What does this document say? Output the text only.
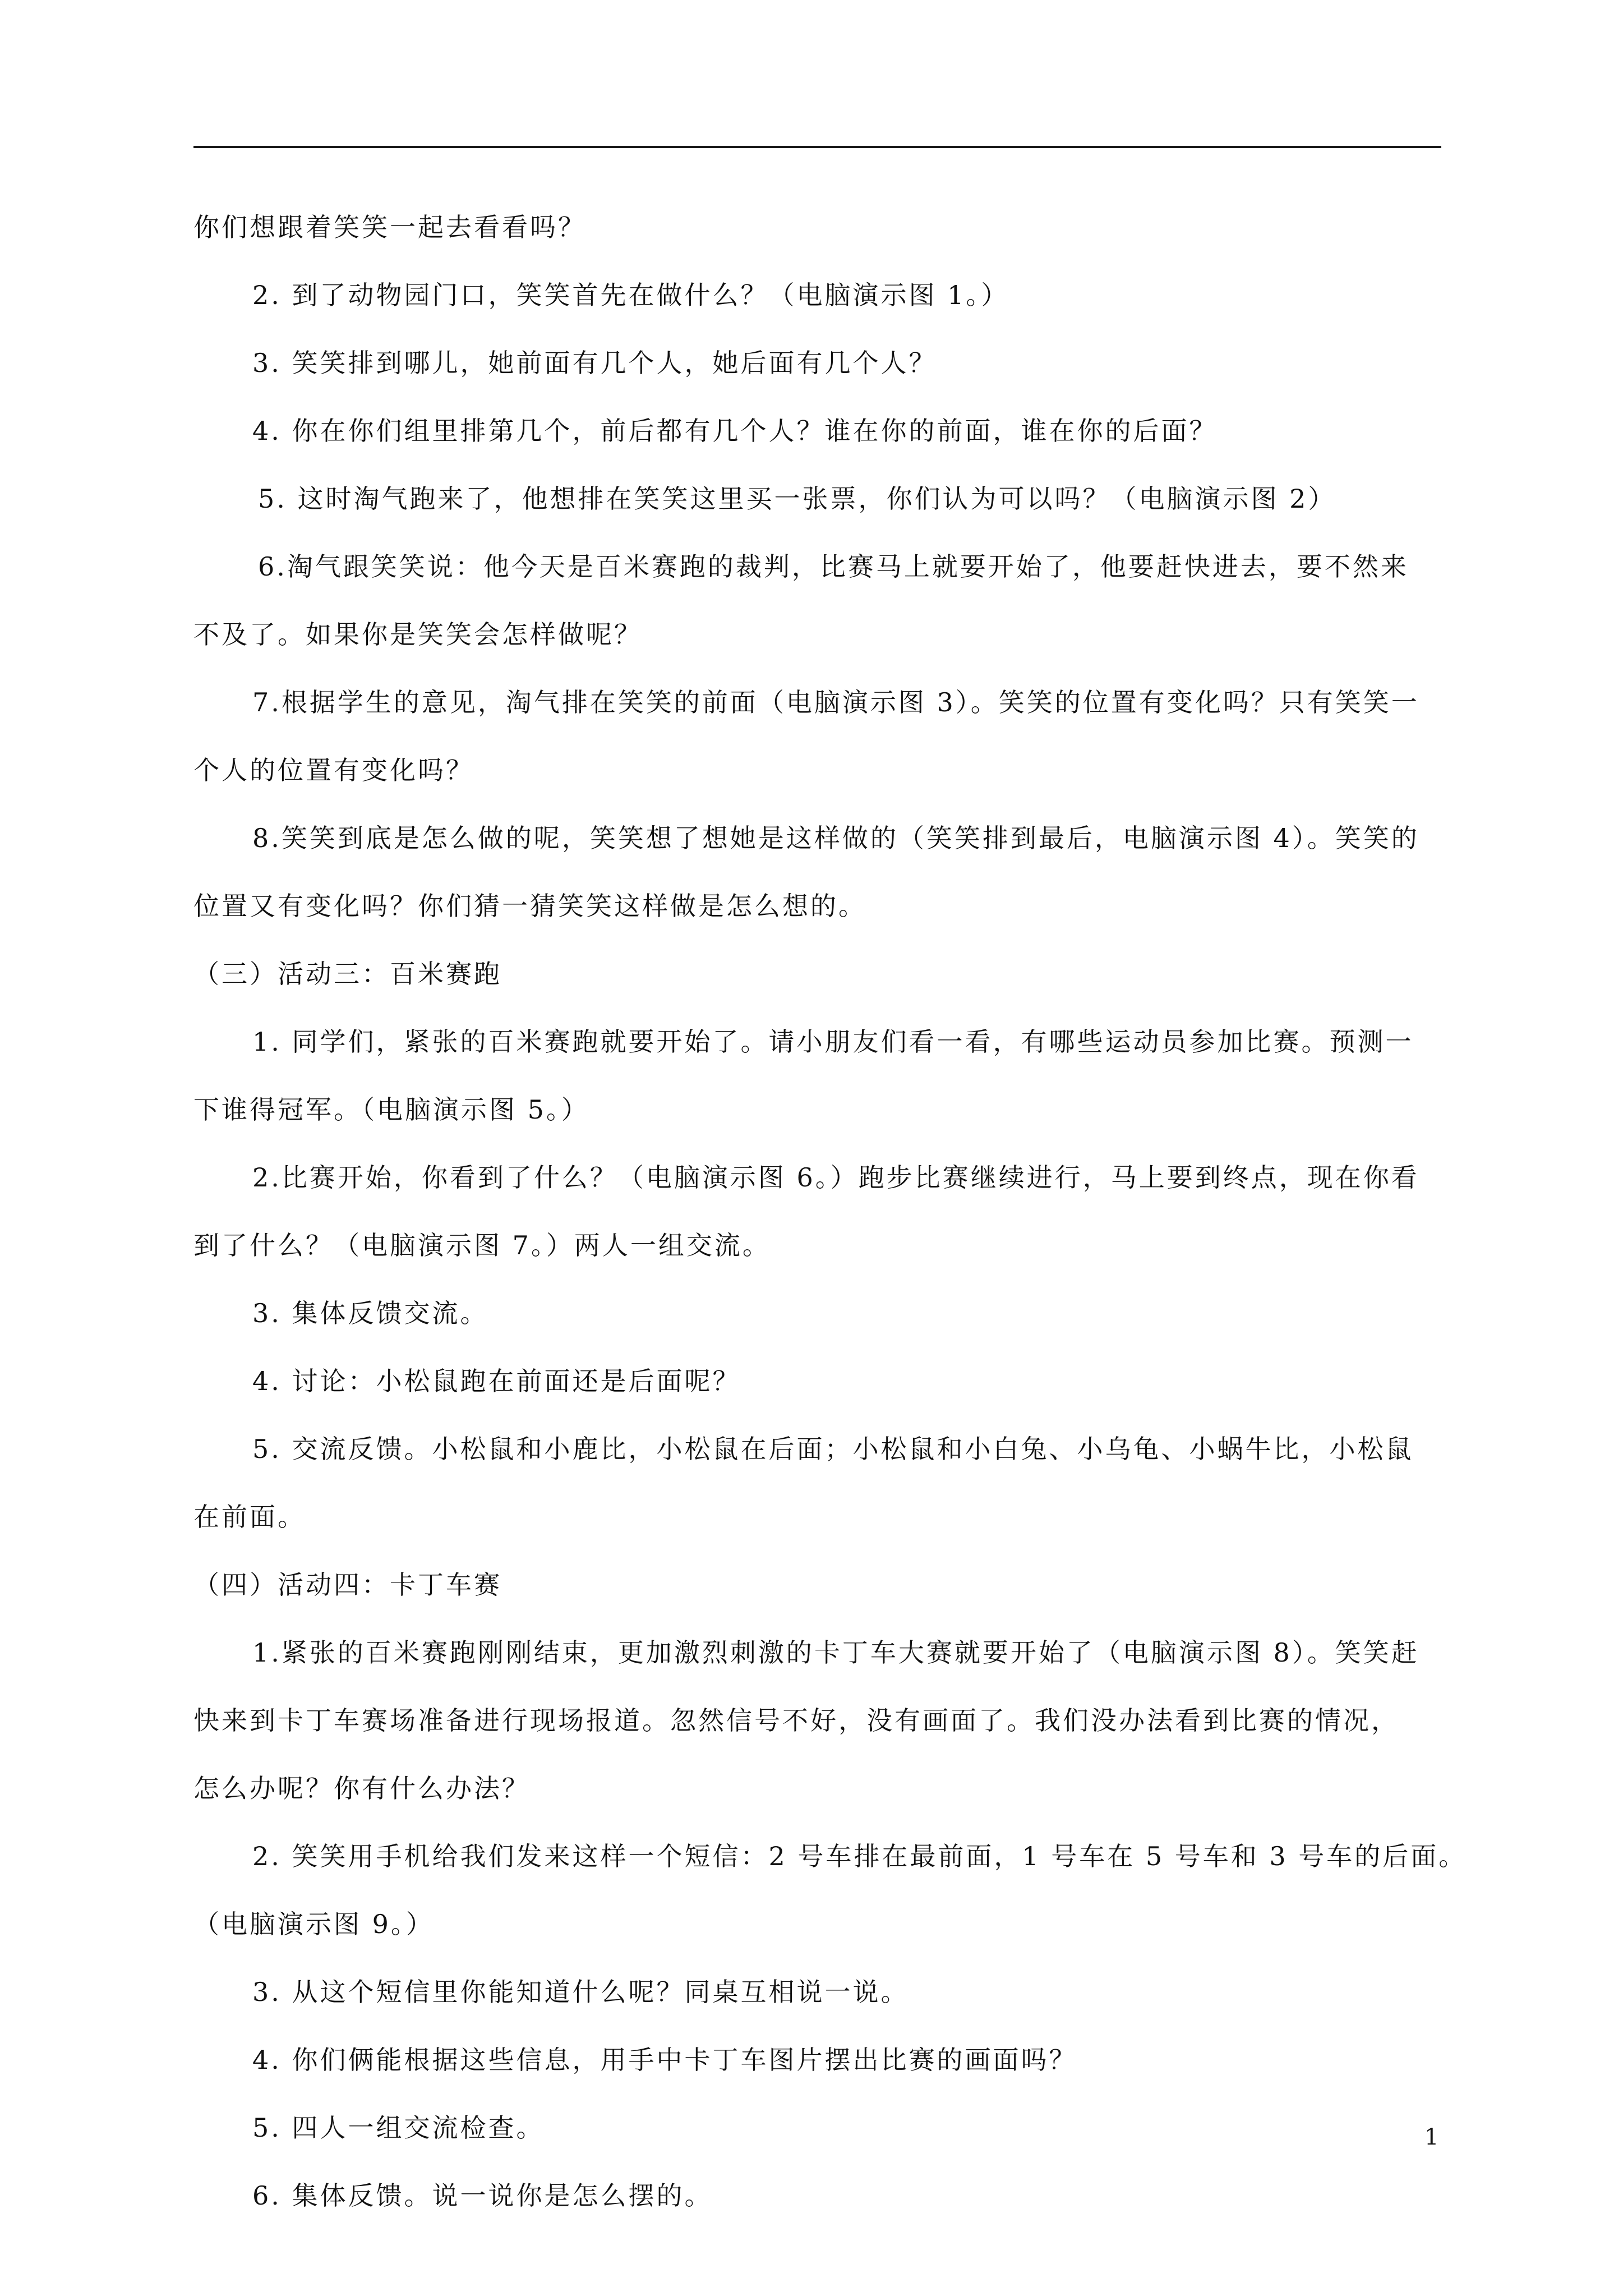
你们想跟着笑笑一起去看看吗？
2. 到了动物园门口，笑笑首先在做什么？（电脑演示图 1。）
3. 笑笑排到哪儿，她前面有几个人，她后面有几个人？
4. 你在你们组里排第几个，前后都有几个人？谁在你的前面，谁在你的后面？
5. 这时淘气跑来了，他想排在笑笑这里买一张票，你们认为可以吗？（电脑演示图 2）
6.淘气跟笑笑说：他今天是百米赛跑的裁判，比赛马上就要开始了，他要赶快进去，要不然来
不及了。如果你是笑笑会怎样做呢？
7.根据学生的意见，淘气排在笑笑的前面（电脑演示图 3）。笑笑的位置有变化吗？只有笑笑一
个人的位置有变化吗？
8.笑笑到底是怎么做的呢，笑笑想了想她是这样做的（笑笑排到最后，电脑演示图 4）。笑笑的
位置又有变化吗？你们猜一猜笑笑这样做是怎么想的。
（三）活动三：百米赛跑
1. 同学们，紧张的百米赛跑就要开始了。请小朋友们看一看，有哪些运动员参加比赛。预测一
下谁得冠军。（电脑演示图 5。）
2.比赛开始，你看到了什么？（电脑演示图 6。）跑步比赛继续进行，马上要到终点，现在你看
到了什么？（电脑演示图 7。）两人一组交流。
3. 集体反馈交流。
4. 讨论：小松鼠跑在前面还是后面呢？
5. 交流反馈。小松鼠和小鹿比，小松鼠在后面；小松鼠和小白兔、小乌龟、小蜗牛比，小松鼠
在前面。
（四）活动四：卡丁车赛
1.紧张的百米赛跑刚刚结束，更加激烈刺激的卡丁车大赛就要开始了（电脑演示图 8）。笑笑赶
快来到卡丁车赛场准备进行现场报道。忽然信号不好，没有画面了。我们没办法看到比赛的情况，
怎么办呢？你有什么办法？
2. 笑笑用手机给我们发来这样一个短信：2 号车排在最前面，1 号车在 5 号车和 3 号车的后面。
（电脑演示图 9。）
3. 从这个短信里你能知道什么呢？同桌互相说一说。
4. 你们俩能根据这些信息，用手中卡丁车图片摆出比赛的画面吗？
5. 四人一组交流检查。
6. 集体反馈。说一说你是怎么摆的。
1
